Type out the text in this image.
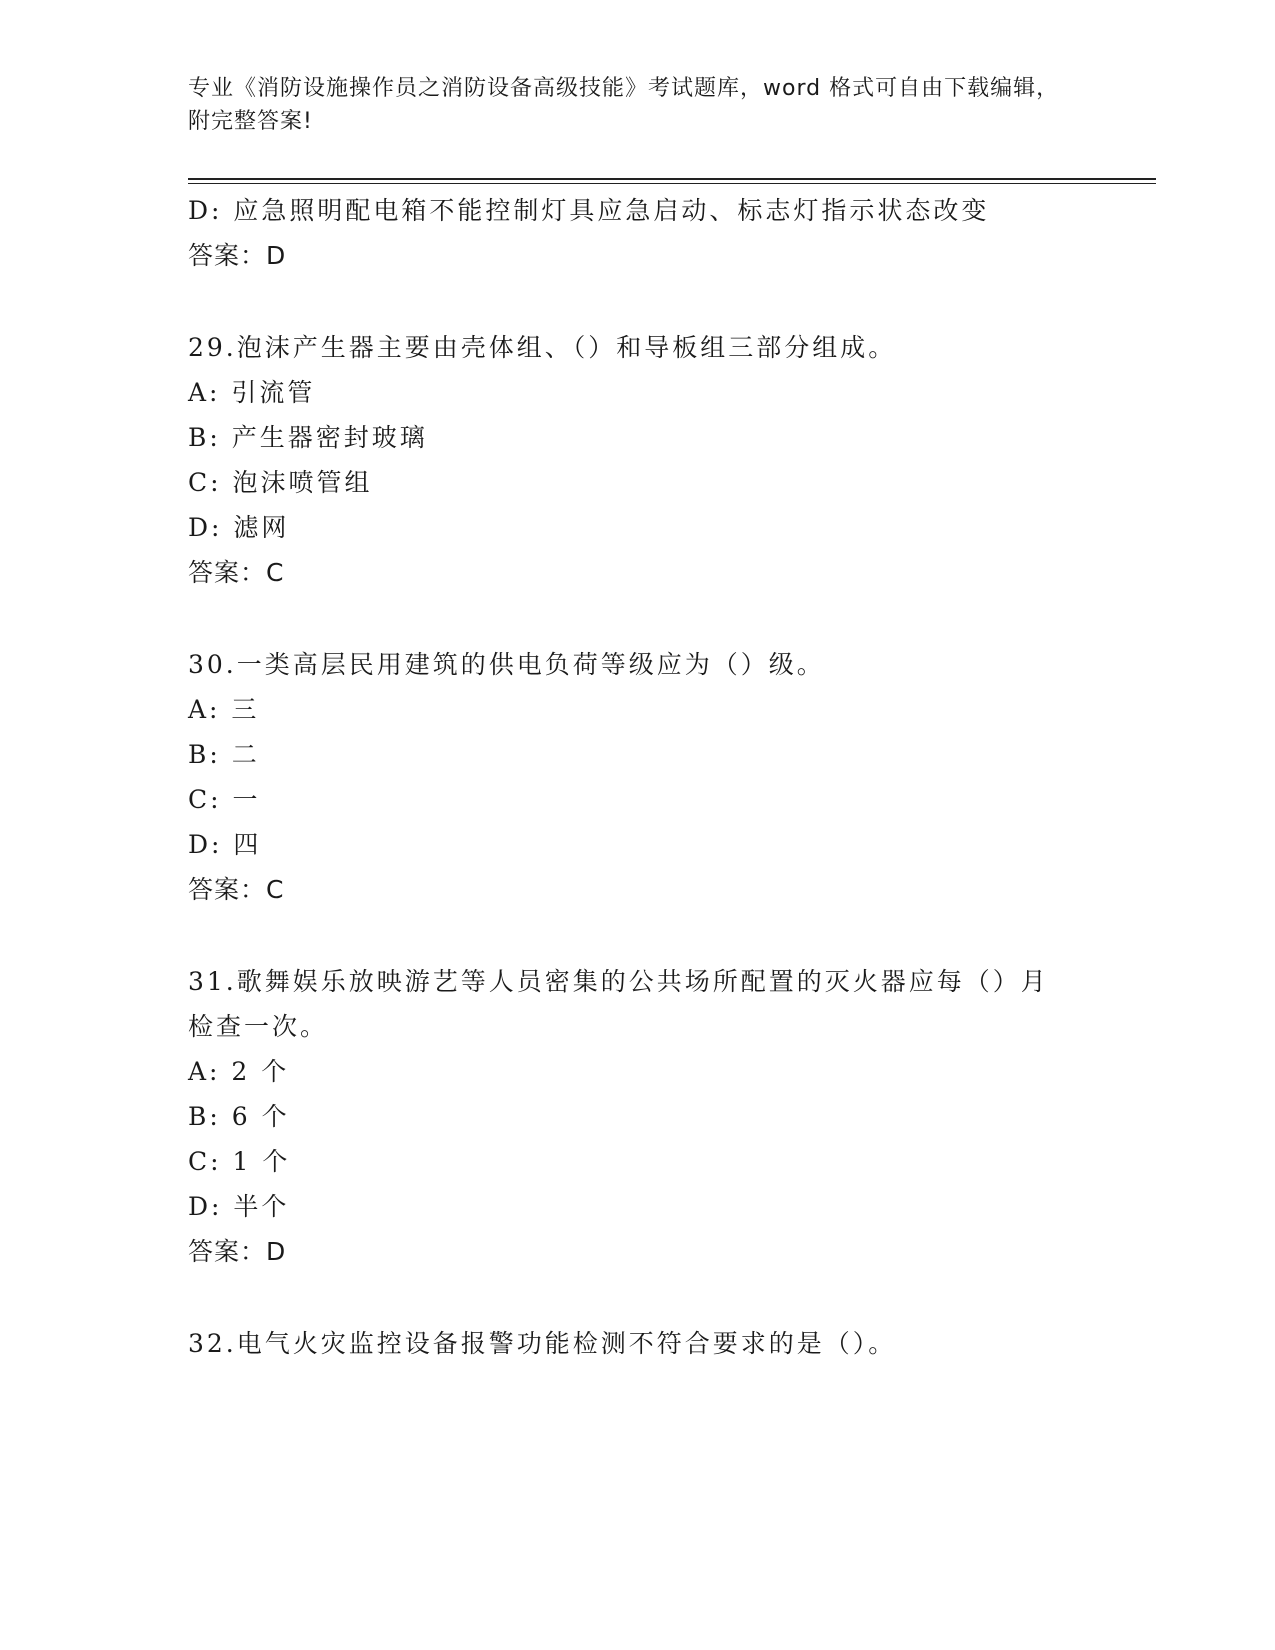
专业《消防设施操作员之消防设备高级技能》考试题库，word 格式可自由下载编辑，附完整答案!
D: 应急照明配电箱不能控制灯具应急启动、标志灯指示状态改变
答案：D
29.泡沫产生器主要由壳体组、（）和导板组三部分组成。
A: 引流管
B: 产生器密封玻璃
C: 泡沫喷管组
D: 滤网
答案：C
30.一类高层民用建筑的供电负荷等级应为（）级。
A: 三
B: 二
C: 一
D: 四
答案：C
31.歌舞娱乐放映游艺等人员密集的公共场所配置的灭火器应每（）月
检查一次。
A: 2 个
B: 6 个
C: 1 个
D: 半个
答案：D
32.电气火灾监控设备报警功能检测不符合要求的是（）。
